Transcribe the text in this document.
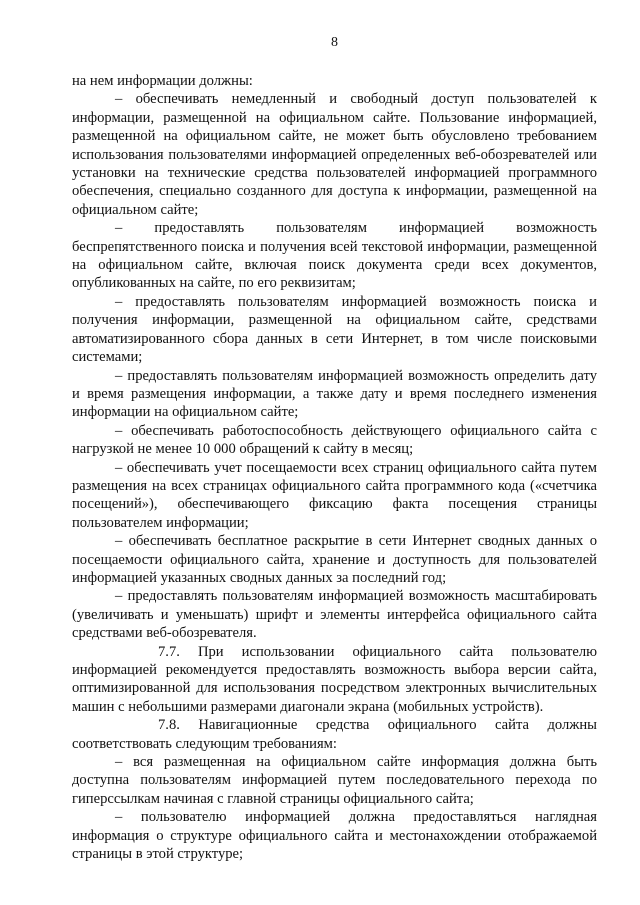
8

на нем информации должны:

– обеспечивать немедленный и свободный доступ пользователей к информации, размещенной на официальном сайте. Пользование информацией, размещенной на официальном сайте, не может быть обусловлено требованием использования пользователями информацией определенных веб-обозревателей или установки на технические средства пользователей информацией программного обеспечения, специально созданного для доступа к информации, размещенной на официальном сайте;

– предоставлять пользователям информацией возможность беспрепятственного поиска и получения всей текстовой информации, размещенной на официальном сайте, включая поиск документа среди всех документов, опубликованных на сайте, по его реквизитам;

– предоставлять пользователям информацией возможность поиска и получения информации, размещенной на официальном сайте, средствами автоматизированного сбора данных в сети Интернет, в том числе поисковыми системами;

– предоставлять пользователям информацией возможность определить дату и время размещения информации, а также дату и время последнего изменения информации на официальном сайте;

– обеспечивать работоспособность действующего официального сайта с нагрузкой не менее 10 000 обращений к сайту в месяц;

– обеспечивать учет посещаемости всех страниц официального сайта путем размещения на всех страницах официального сайта программного кода («счетчика посещений»), обеспечивающего фиксацию факта посещения страницы пользователем информации;

– обеспечивать бесплатное раскрытие в сети Интернет сводных данных о посещаемости официального сайта, хранение и доступность для пользователей информацией указанных сводных данных за последний год;

– предоставлять пользователям информацией возможность масштабировать (увеличивать и уменьшать) шрифт и элементы интерфейса официального сайта средствами веб-обозревателя.

7.7. При использовании официального сайта пользователю информацией рекомендуется предоставлять возможность выбора версии сайта, оптимизированной для использования посредством электронных вычислительных машин с небольшими размерами диагонали экрана (мобильных устройств).

7.8. Навигационные средства официального сайта должны соответствовать следующим требованиям:

– вся размещенная на официальном сайте информация должна быть доступна пользователям информацией путем последовательного перехода по гиперссылкам начиная с главной страницы официального сайта;

– пользователю информацией должна предоставляться наглядная информация о структуре официального сайта и местонахождении отображаемой страницы в этой структуре;
